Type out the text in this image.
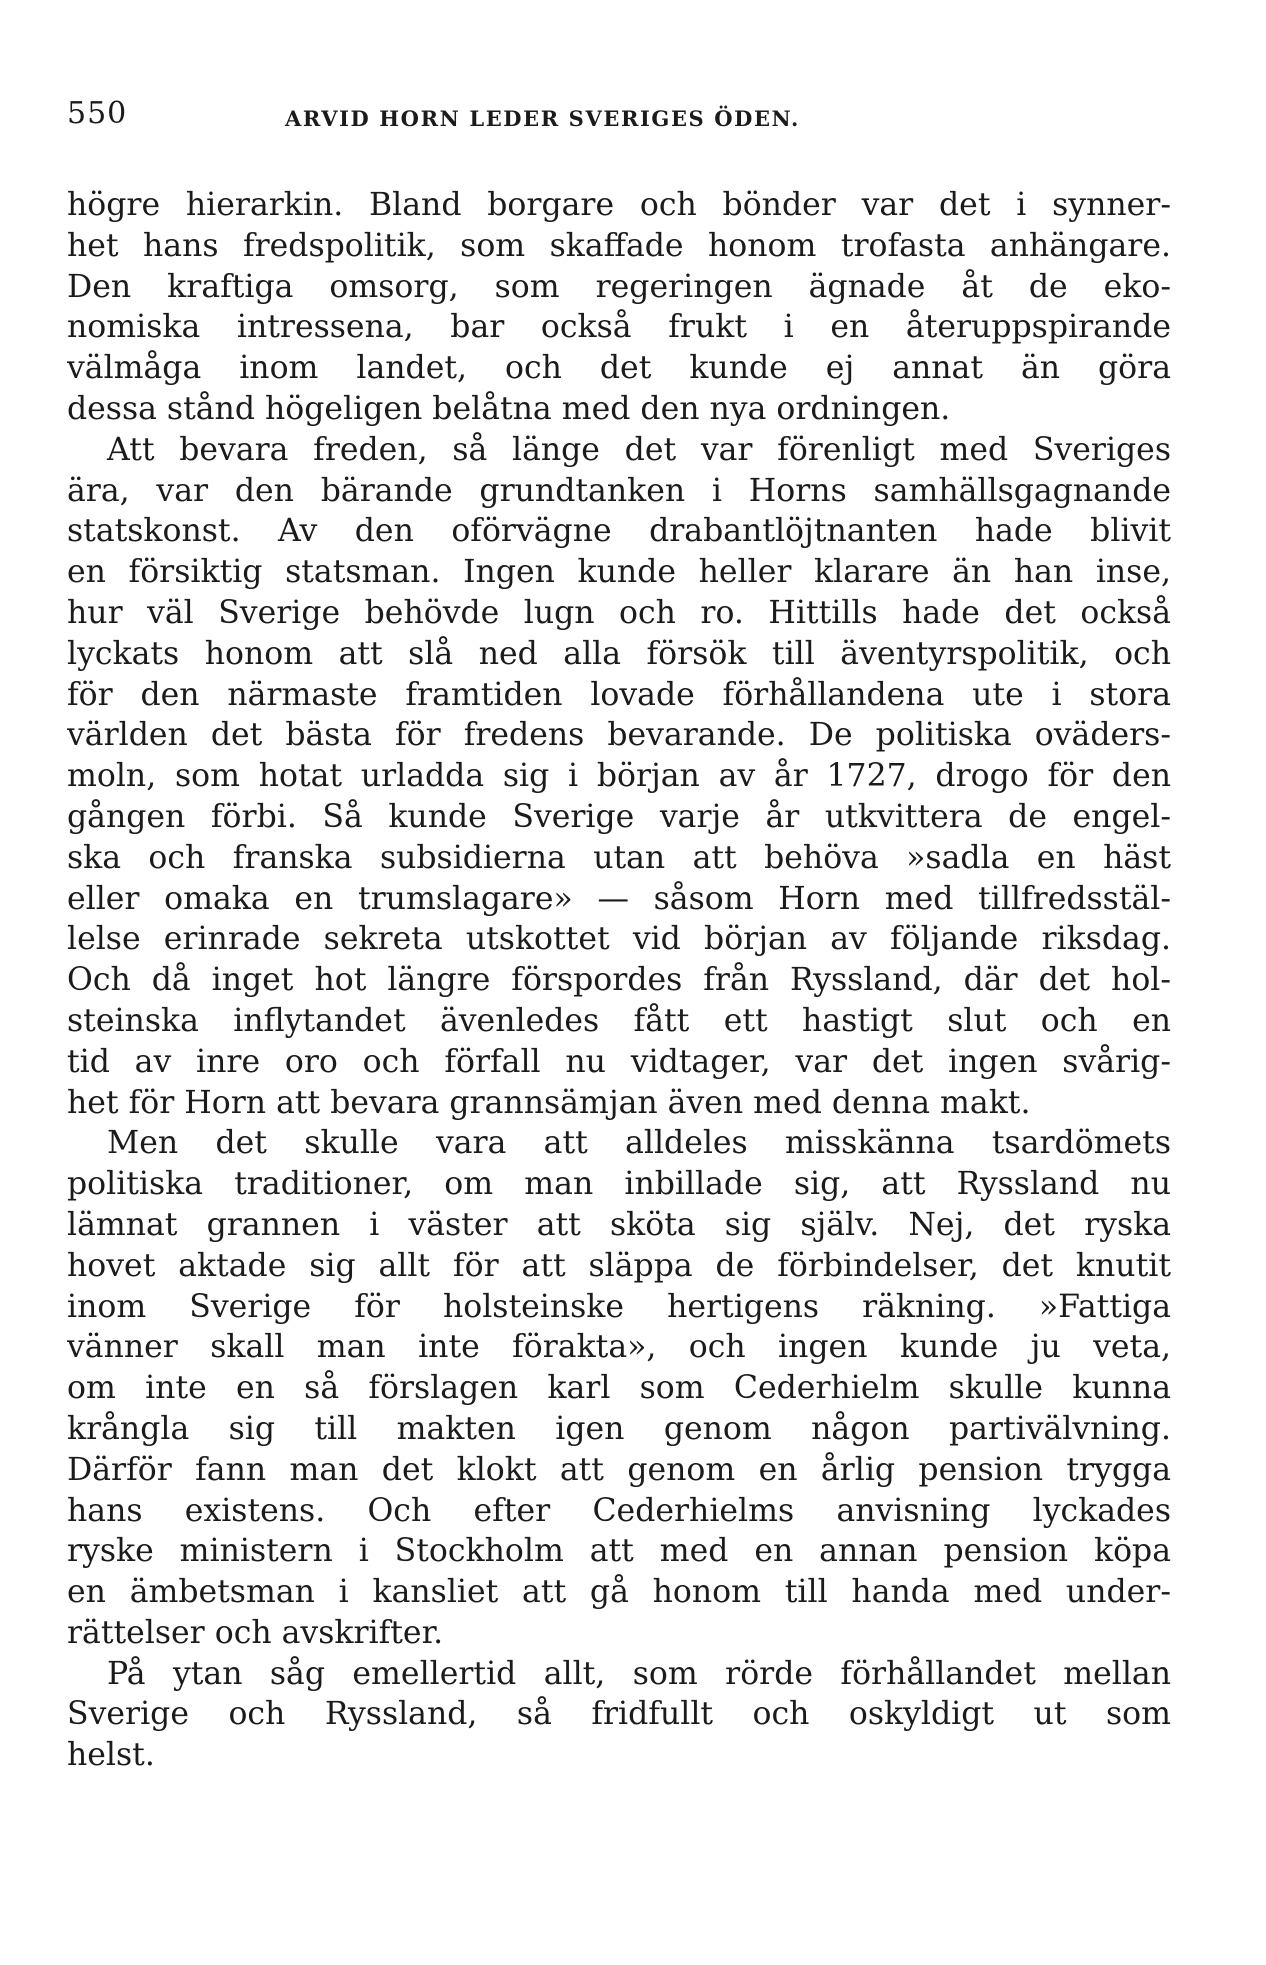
550	ARVID HORN LEDER SVERIGES ÖDEN.
högre hierarkin. Bland borgare och bönder var det i synner-
het hans fredspolitik, som skaffade honom trofasta anhängare.
Den kraftiga omsorg, som regeringen ägnade åt de eko-
nomiska intressena, bar också frukt i en återuppspirande
välmåga inom landet, och det kunde ej annat än göra
dessa stånd högeligen belåtna med den nya ordningen.
Att bevara freden, så länge det var förenligt med Sveriges
ära, var den bärande grundtanken i Horns samhällsgagnande
statskonst. Av den oförvägne drabantlöjtnanten hade blivit
en försiktig statsman. Ingen kunde heller klarare än han inse,
hur väl Sverige behövde lugn och ro. Hittills hade det också
lyckats honom att slå ned alla försök till äventyrspolitik, och
för den närmaste framtiden lovade förhållandena ute i stora
världen det bästa för fredens bevarande. De politiska oväders-
moln, som hotat urladda sig i början av år 1727, drogo för den
gången förbi. Så kunde Sverige varje år utkvittera de engel-
ska och franska subsidierna utan att behöva »sadla en häst
eller omaka en trumslagare» — såsom Horn med tillfredsstäl-
lelse erinrade sekreta utskottet vid början av följande riksdag.
Och då inget hot längre förspordes från Ryssland, där det hol-
steinska inflytandet ävenledes fått ett hastigt slut och en
tid av inre oro och förfall nu vidtager, var det ingen svårig-
het för Horn att bevara grannsämjan även med denna makt.
Men det skulle vara att alldeles misskänna tsardömets
politiska traditioner, om man inbillade sig, att Ryssland nu
lämnat grannen i väster att sköta sig själv. Nej, det ryska
hovet aktade sig allt för att släppa de förbindelser, det knutit
inom Sverige för holsteinske hertigens räkning. »Fattiga
vänner skall man inte förakta», och ingen kunde ju veta,
om inte en så förslagen karl som Cederhielm skulle kunna
krångla sig till makten igen genom någon partivälvning.
Därför fann man det klokt att genom en årlig pension trygga
hans existens. Och efter Cederhielms anvisning lyckades
ryske ministern i Stockholm att med en annan pension köpa
en ämbetsman i kansliet att gå honom till handa med under-
rättelser och avskrifter.
På ytan såg emellertid allt, som rörde förhållandet mellan
Sverige och Ryssland, så fridfullt och oskyldigt ut som
helst.
